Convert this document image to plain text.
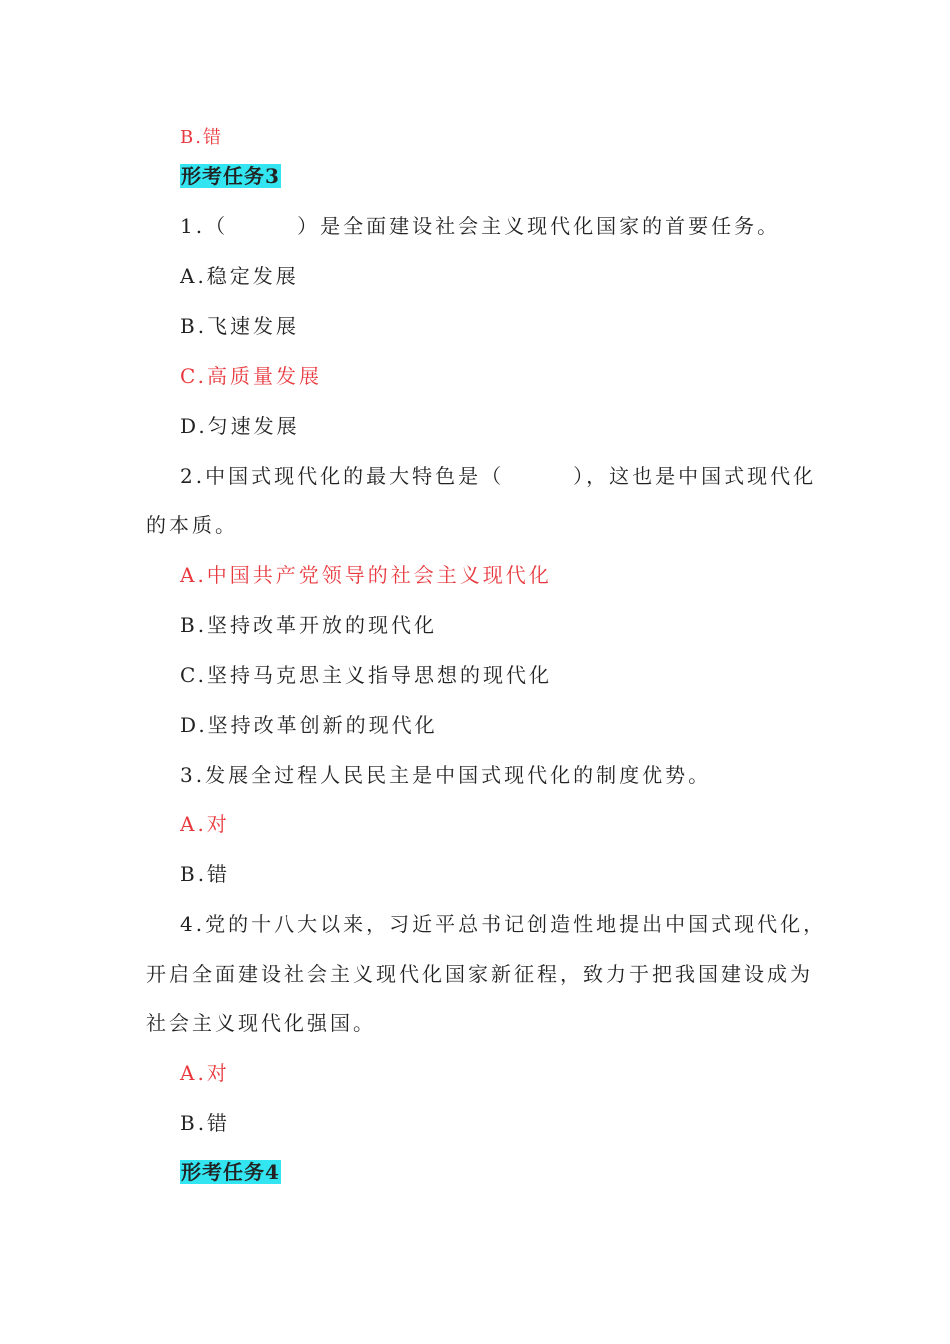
B.错
形考任务3
1.（　　　）是全面建设社会主义现代化国家的首要任务。
A.稳定发展
B.飞速发展
C.高质量发展
D.匀速发展
2.中国式现代化的最大特色是（　　　），这也是中国式现代化
的本质。
A.中国共产党领导的社会主义现代化
B.坚持改革开放的现代化
C.坚持马克思主义指导思想的现代化
D.坚持改革创新的现代化
3.发展全过程人民民主是中国式现代化的制度优势。
A.对
B.错
4.党的十八大以来，习近平总书记创造性地提出中国式现代化，
开启全面建设社会主义现代化国家新征程，致力于把我国建设成为
社会主义现代化强国。
A.对
B.错
形考任务4
